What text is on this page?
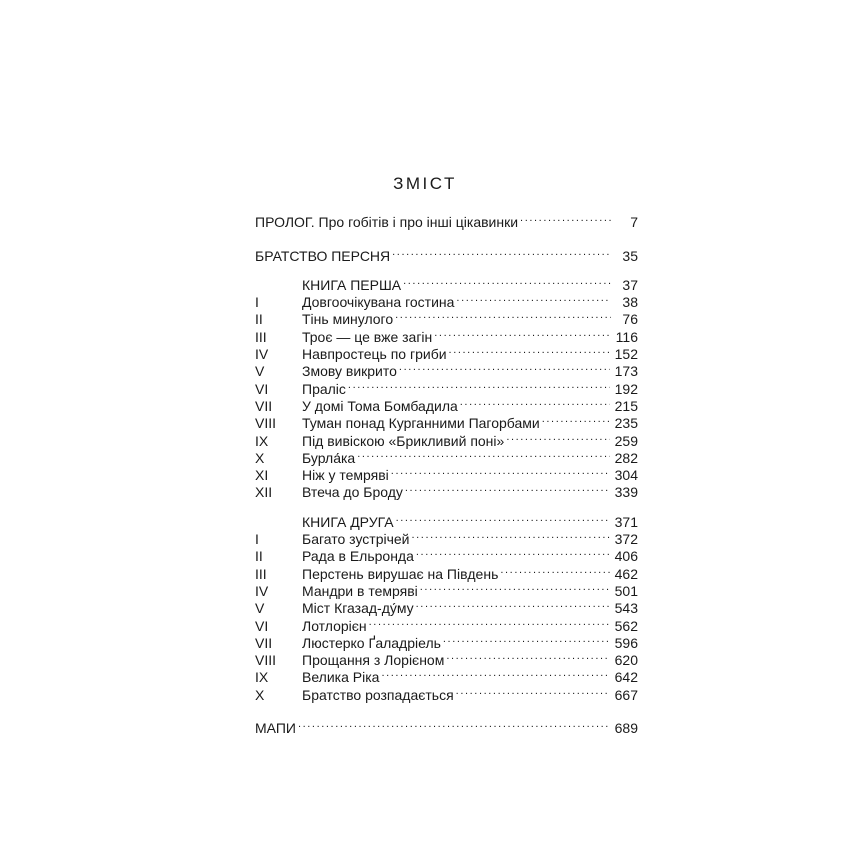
ЗМІСТ
ПРОЛОГ. Про гобітів і про інші цікавинки .....	7
БРАТСТВО ПЕРСНЯ .....	35
КНИГА ПЕРША .....	37
I	Довгоочікувана гостина .....	38
II	Тінь минулого .....	76
III	Троє — це вже загін .....	116
IV	Навпростець по гриби .....	152
V	Змову викрито .....	173
VI	Праліс .....	192
VII	У домі Тома Бомбадила .....	215
VIII	Туман понад Курганними Пагорбами .....	235
IX	Під вивіскою «Брикливий поні» .....	259
X	Бурла́ка .....	282
XI	Ніж у темряві .....	304
XII	Втеча до Броду .....	339
КНИГА ДРУГА .....	371
I	Багато зустрічей .....	372
II	Рада в Ельронда .....	406
III	Перстень вирушає на Південь .....	462
IV	Мандри в темряві .....	501
V	Міст Кгазад-ду́му .....	543
VI	Лотлорієн .....	562
VII	Люстерко Ґаладріель .....	596
VIII	Прощання з Лорієном .....	620
IX	Велика Ріка .....	642
X	Братство розпадається .....	667
МАПИ .....	689
